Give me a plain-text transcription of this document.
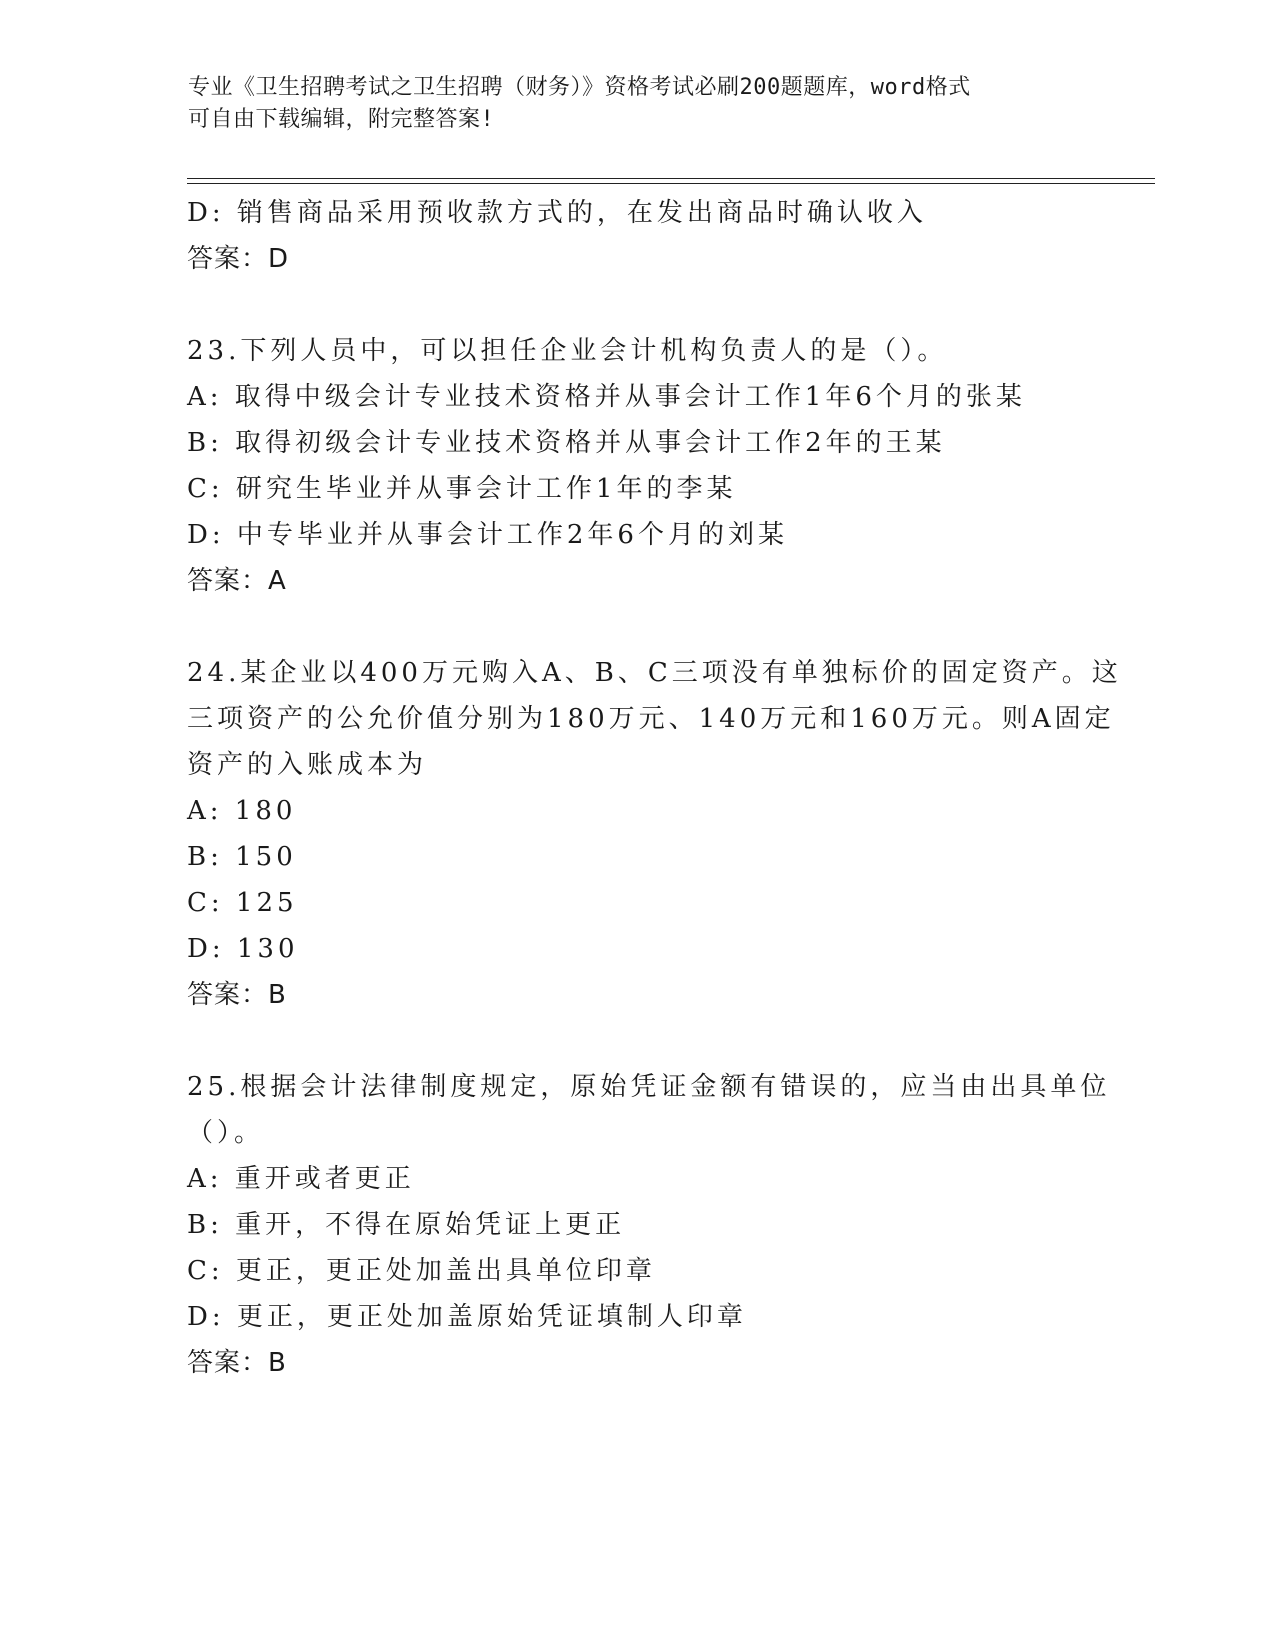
专业《卫生招聘考试之卫生招聘（财务）》资格考试必刷200题题库，word格式
可自由下载编辑，附完整答案!
D: 销售商品采用预收款方式的，在发出商品时确认收入
答案：D
23.下列人员中，可以担任企业会计机构负责人的是（）。
A: 取得中级会计专业技术资格并从事会计工作1年6个月的张某
B: 取得初级会计专业技术资格并从事会计工作2年的王某
C: 研究生毕业并从事会计工作1年的李某
D: 中专毕业并从事会计工作2年6个月的刘某
答案：A
24.某企业以400万元购入A、B、C三项没有单独标价的固定资产。这
三项资产的公允价值分别为180万元、140万元和160万元。则A固定
资产的入账成本为
A: 180
B: 150
C: 125
D: 130
答案：B
25.根据会计法律制度规定，原始凭证金额有错误的，应当由出具单位
（）。
A: 重开或者更正
B: 重开，不得在原始凭证上更正
C: 更正，更正处加盖出具单位印章
D: 更正，更正处加盖原始凭证填制人印章
答案：B
